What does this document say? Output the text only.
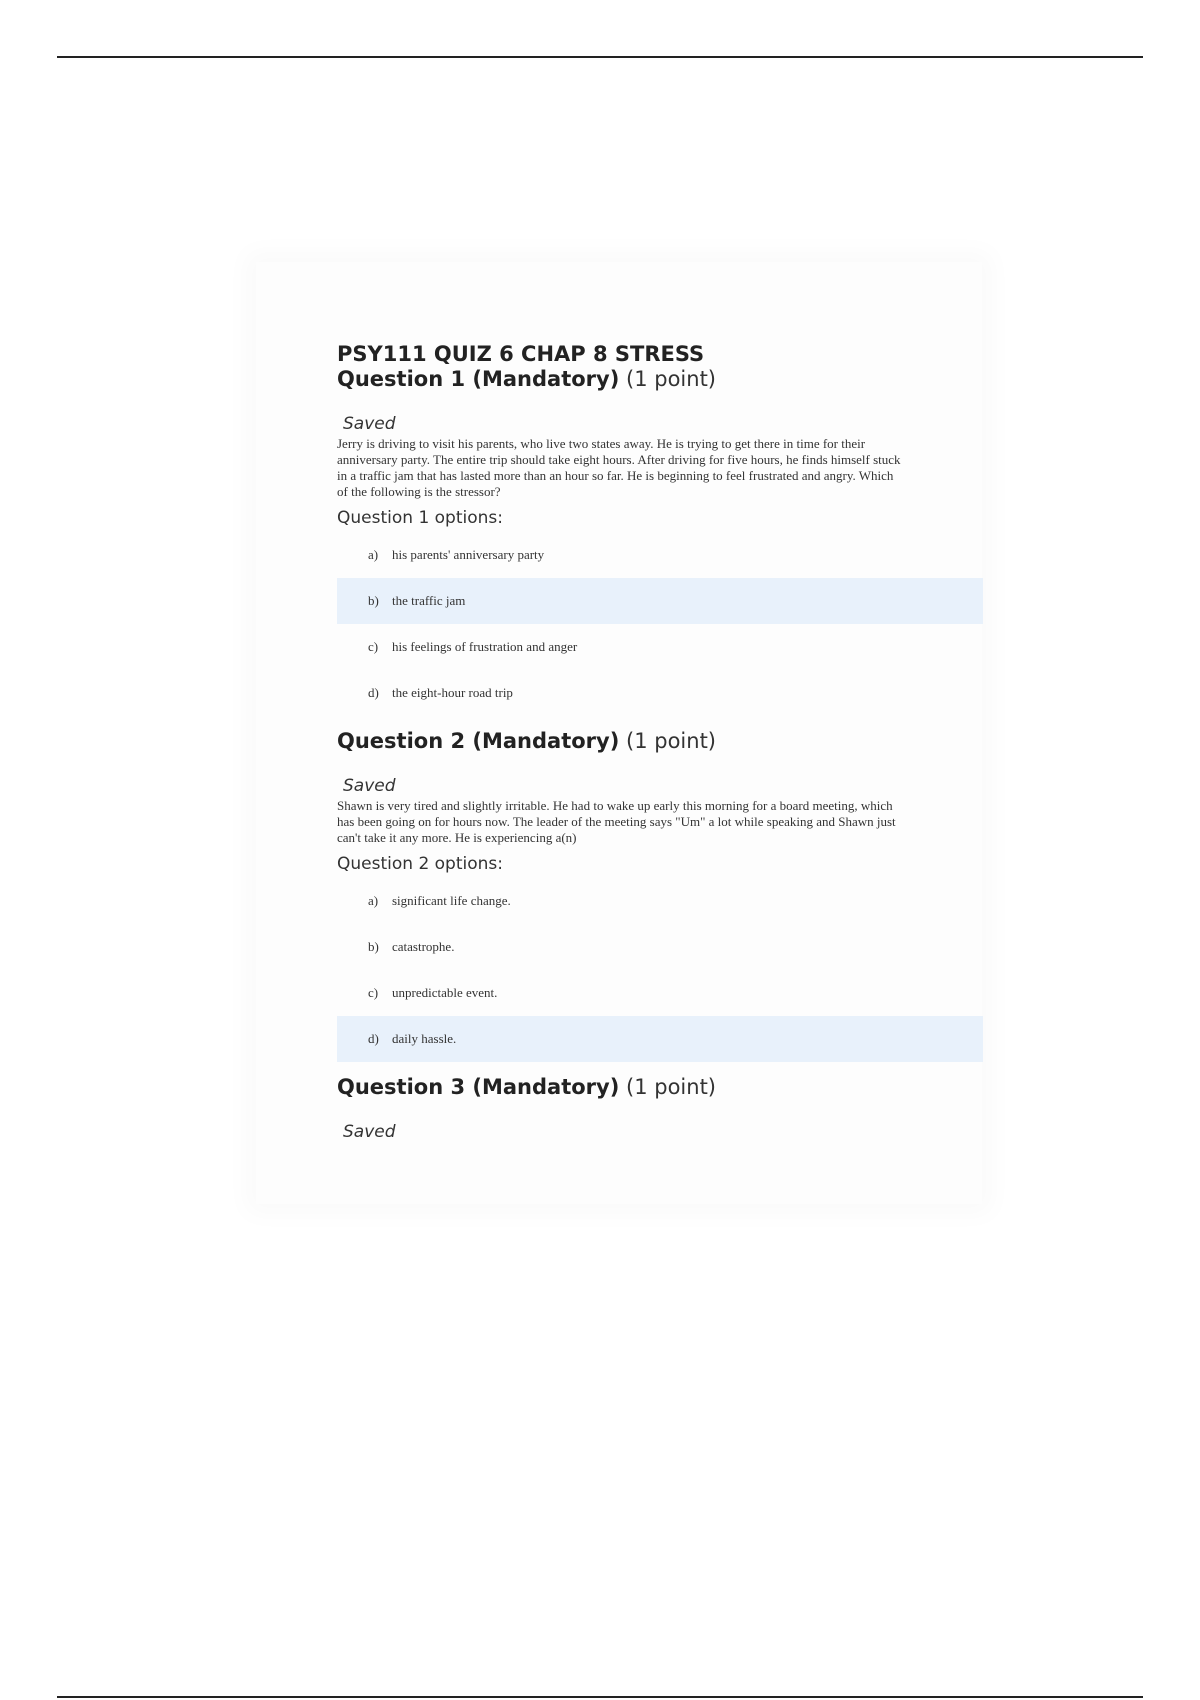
PSY111 QUIZ 6 CHAP 8 STRESS
Question 1 (Mandatory) (1 point)
Saved
Jerry is driving to visit his parents, who live two states away. He is trying to get there in time for their anniversary party. The entire trip should take eight hours. After driving for five hours, he finds himself stuck in a traffic jam that has lasted more than an hour so far. He is beginning to feel frustrated and angry. Which of the following is the stressor?
Question 1 options:
a)	his parents' anniversary party
b)	the traffic jam
c)	his feelings of frustration and anger
d)	the eight-hour road trip
Question 2 (Mandatory) (1 point)
Saved
Shawn is very tired and slightly irritable. He had to wake up early this morning for a board meeting, which has been going on for hours now. The leader of the meeting says "Um" a lot while speaking and Shawn just can't take it any more. He is experiencing a(n)
Question 2 options:
a)	significant life change.
b)	catastrophe.
c)	unpredictable event.
d)	daily hassle.
Question 3 (Mandatory) (1 point)
Saved
